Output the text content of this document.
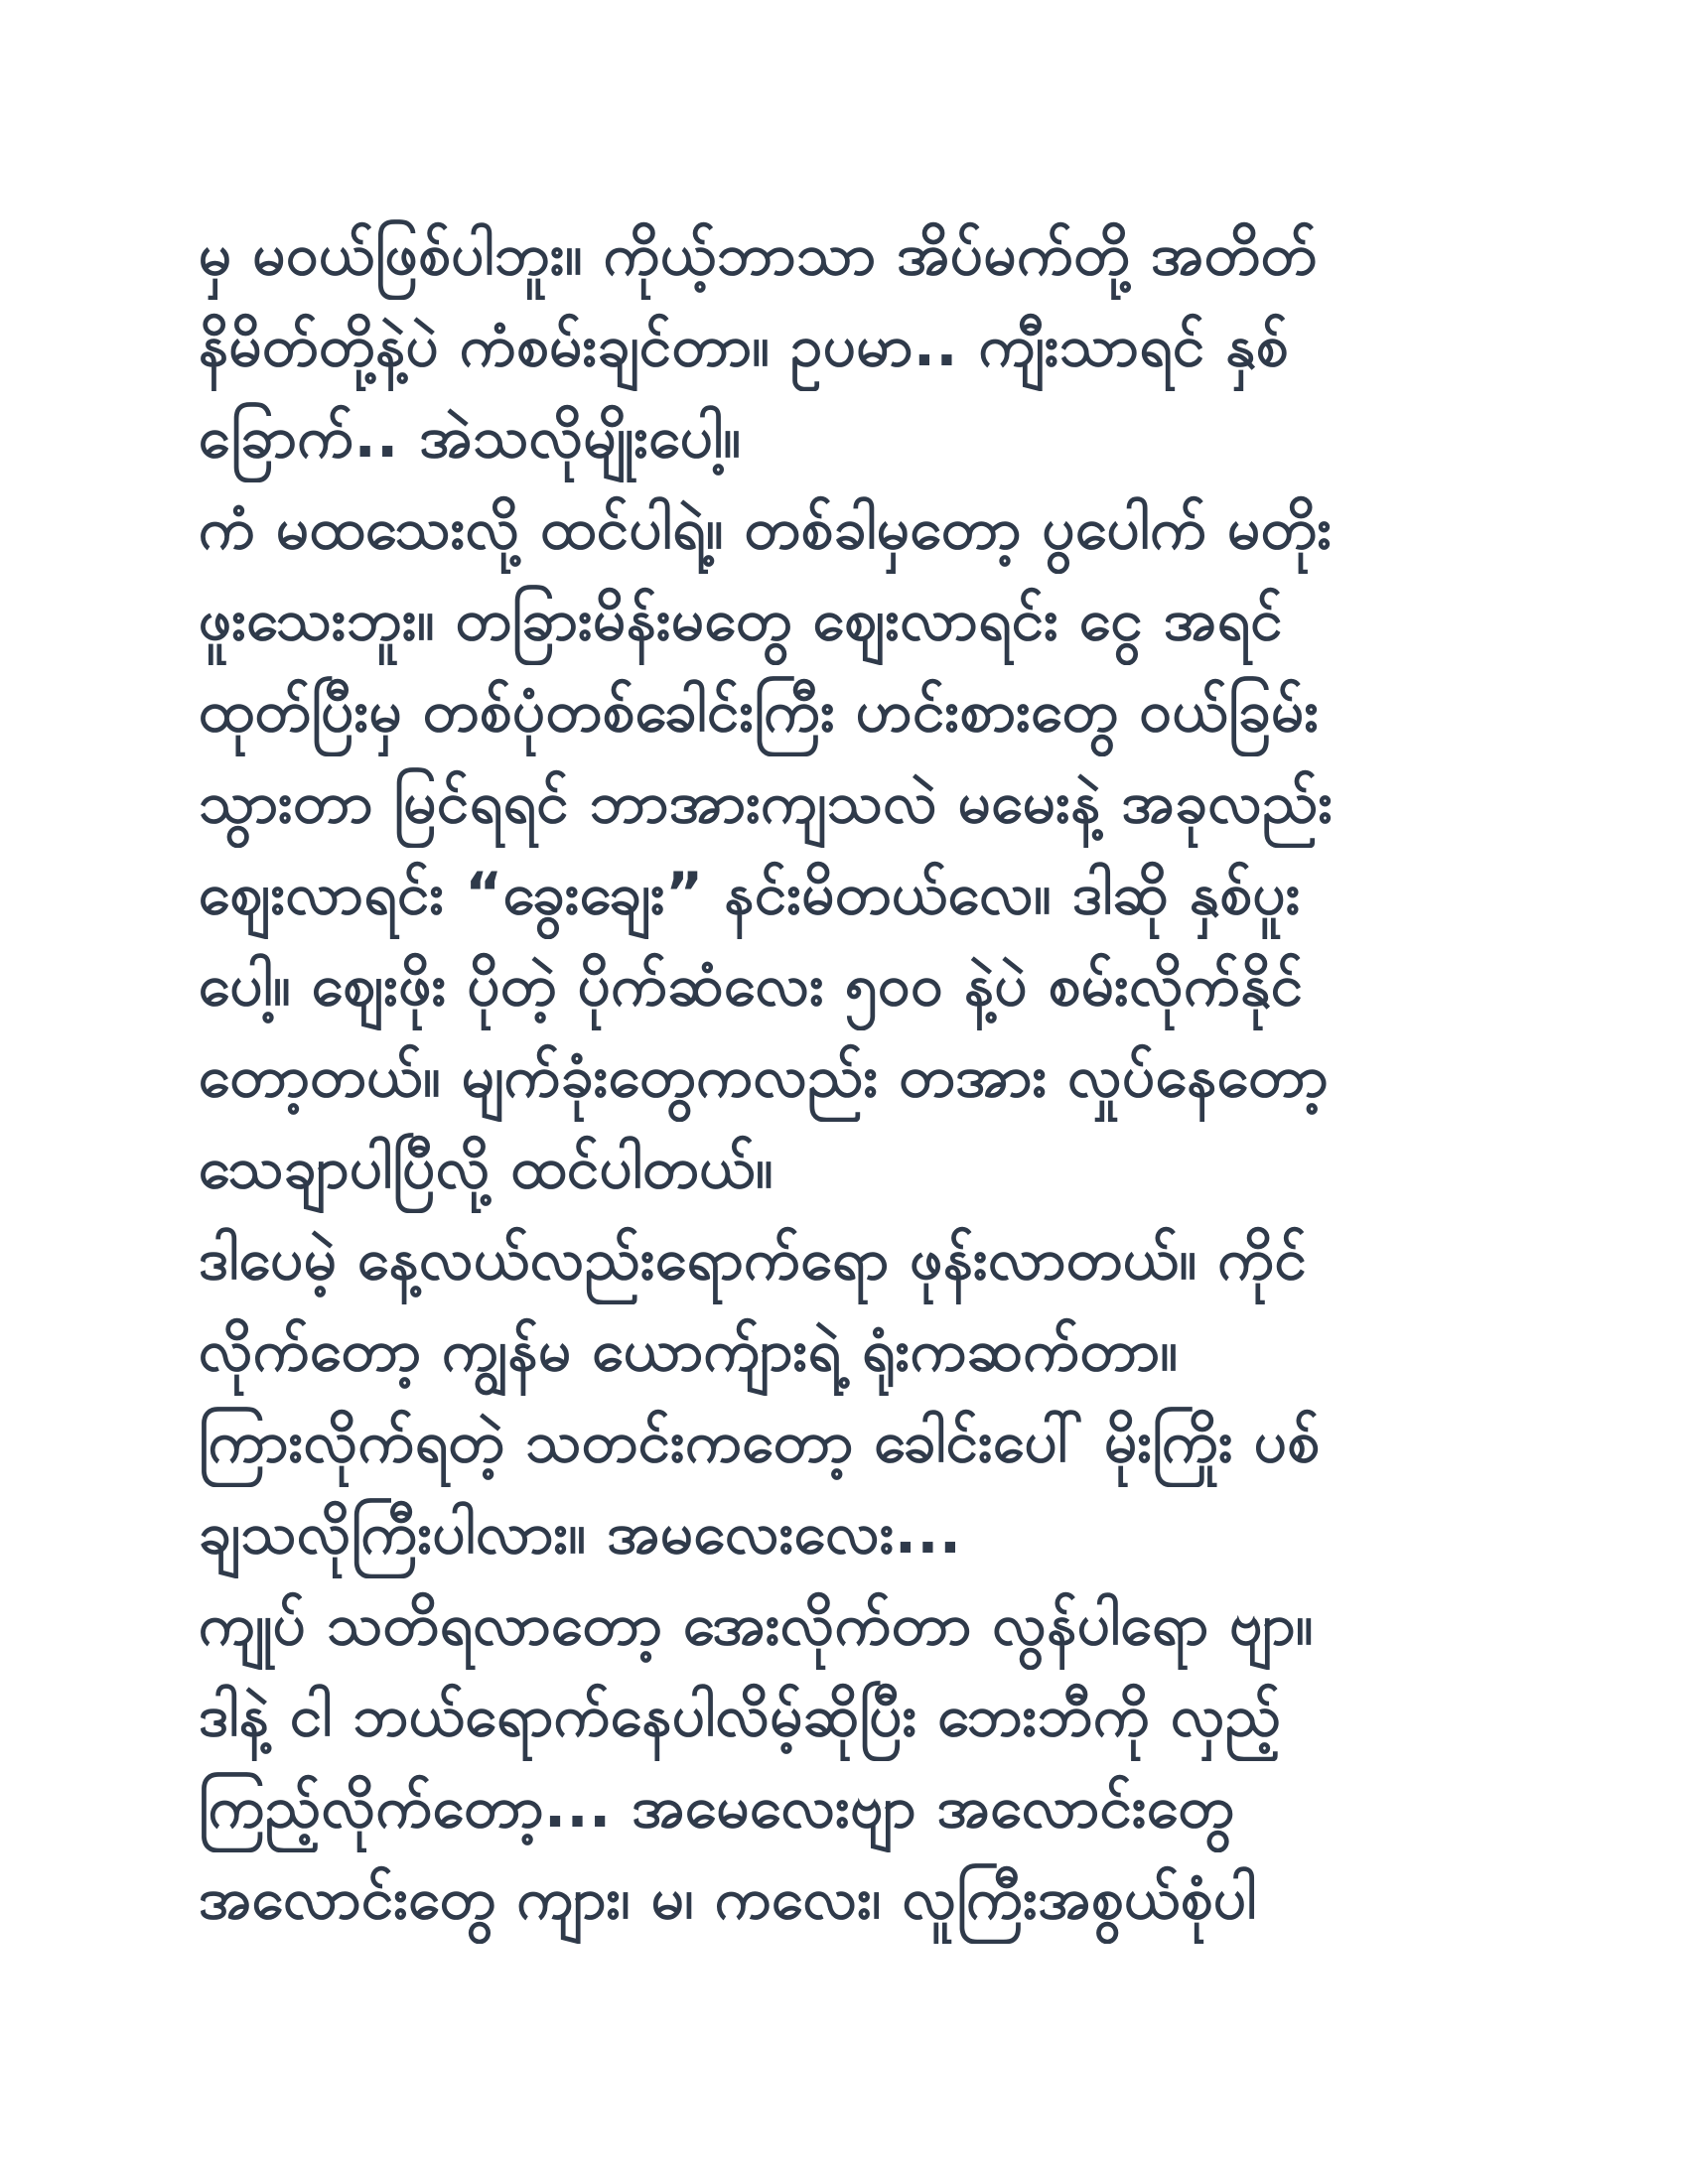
မှ မဝယ်ဖြစ်ပါဘူး။ ကိုယ့်ဘာသာ အိပ်မက်တို့ အတိတ်
နိမိတ်တို့နဲ့ပဲ ကံစမ်းချင်တာ။ ဥပမာ.. ကျီးသာရင် နှစ်
ခြောက်.. အဲသလိုမျိုးပေါ့။
ကံ မထသေးလို့ ထင်ပါရဲ့။ တစ်ခါမှတော့ ပွပေါက် မတိုး
ဖူးသေးဘူး။ တခြားမိန်းမတွေ ဈေးလာရင်း ငွေ အရင်
ထုတ်ပြီးမှ တစ်ပုံတစ်ခေါင်းကြီး ဟင်းစားတွေ ဝယ်ခြမ်း
သွားတာ မြင်ရရင် ဘာအားကျသလဲ မမေးနဲ့ အခုလည်း
ဈေးလာရင်း “ခွေးချေး” နင်းမိတယ်လေ။ ဒါဆို နှစ်ပူး
ပေါ့။ ဈေးဖိုး ပိုတဲ့ ပိုက်ဆံလေး ၅၀၀ နဲ့ပဲ စမ်းလိုက်နိုင်
တော့တယ်။ မျက်ခုံးတွေကလည်း တအား လှုပ်နေတော့
သေချာပါပြီလို့ ထင်ပါတယ်။
ဒါပေမဲ့ နေ့လယ်လည်းရောက်ရော ဖုန်းလာတယ်။ ကိုင်
လိုက်တော့ ကျွန်မ ယောက်ျားရဲ့ ရုံးကဆက်တာ။
ကြားလိုက်ရတဲ့ သတင်းကတော့ ခေါင်းပေါ် မိုးကြိုး ပစ်
ချသလိုကြီးပါလား။ အမလေးလေး...
ကျုပ် သတိရလာတော့ အေးလိုက်တာ လွန်ပါရော ဗျာ။
ဒါနဲ့ ငါ ဘယ်ရောက်နေပါလိမ့်ဆိုပြီး ဘေးဘီကို လှည့်
ကြည့်လိုက်တော့... အမေလေးဗျာ အလောင်းတွေ
အလောင်းတွေ ကျား၊ မ၊ ကလေး၊ လူကြီးအစွယ်စုံပါ
